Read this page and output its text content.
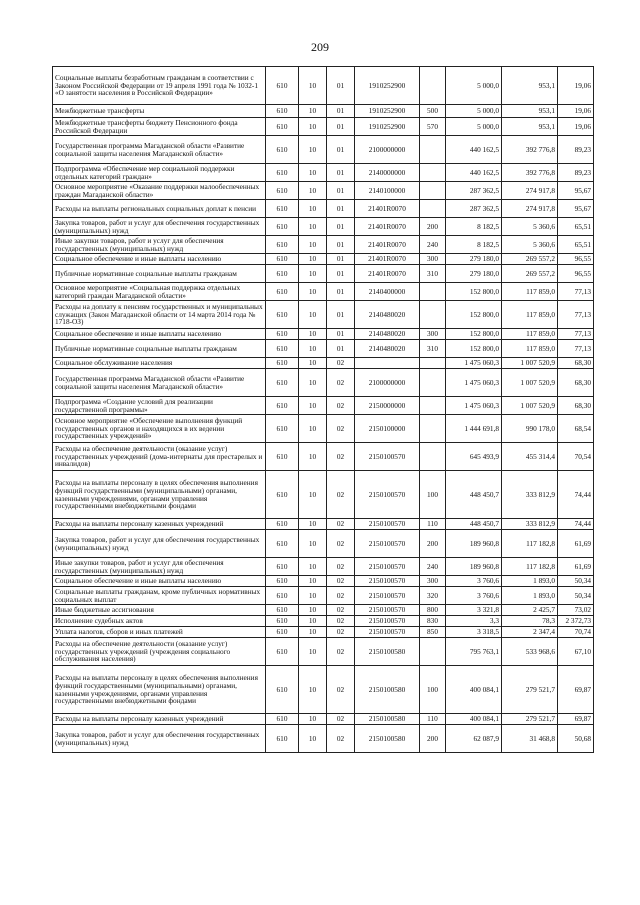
209
Социальные выплаты безработным гражданам в соответствии с Законом Российской Федерации от 19 апреля 1991 года № 1032-1 «О занятости населения в Российской Федерации»	610	10	01	1910252900		5 000,0	953,1	19,06
Межбюджетные трансферты	610	10	01	1910252900	500	5 000,0	953,1	19,06
Межбюджетные трансферты бюджету Пенсионного фонда Российской Федерации	610	10	01	1910252900	570	5 000,0	953,1	19,06
Государственная программа Магаданской области «Развитие социальной защиты населения Магаданской области»	610	10	01	2100000000		440 162,5	392 776,8	89,23
Подпрограмма «Обеспечение мер социальной поддержки отдельных категорий граждан»	610	10	01	2140000000		440 162,5	392 776,8	89,23
Основное мероприятие «Оказание поддержки малообеспеченных граждан Магаданской области»	610	10	01	2140100000		287 362,5	274 917,8	95,67
Расходы на выплаты региональных социальных доплат к пенсии	610	10	01	21401R0070		287 362,5	274 917,8	95,67
Закупка товаров, работ и услуг для обеспечения государственных (муниципальных) нужд	610	10	01	21401R0070	200	8 182,5	5 360,6	65,51
Иные закупки товаров, работ и услуг для обеспечения государственных (муниципальных) нужд	610	10	01	21401R0070	240	8 182,5	5 360,6	65,51
Социальное обеспечение и иные выплаты населению	610	10	01	21401R0070	300	279 180,0	269 557,2	96,55
Публичные нормативные социальные выплаты гражданам	610	10	01	21401R0070	310	279 180,0	269 557,2	96,55
Основное мероприятие «Социальная поддержка отдельных категорий граждан Магаданской области»	610	10	01	2140400000		152 800,0	117 859,0	77,13
Расходы на доплату к пенсиям государственных и муниципальных служащих (Закон Магаданской области от 14 марта 2014 года № 1718-ОЗ)	610	10	01	2140480020		152 800,0	117 859,0	77,13
Социальное обеспечение и иные выплаты населению	610	10	01	2140480020	300	152 800,0	117 859,0	77,13
Публичные нормативные социальные выплаты гражданам	610	10	01	2140480020	310	152 800,0	117 859,0	77,13
Социальное обслуживание населения	610	10	02			1 475 060,3	1 007 520,9	68,30
Государственная программа Магаданской области «Развитие социальной защиты населения Магаданской области»	610	10	02	2100000000		1 475 060,3	1 007 520,9	68,30
Подпрограмма «Создание условий для реализации государственной программы»	610	10	02	2150000000		1 475 060,3	1 007 520,9	68,30
Основное мероприятие «Обеспечение выполнения функций государственных органов и находящихся в их ведении государственных учреждений»	610	10	02	2150100000		1 444 691,8	990 178,0	68,54
Расходы на обеспечение деятельности (оказание услуг) государственных учреждений (дома-интернаты для престарелых и инвалидов)	610	10	02	2150100570		645 493,9	455 314,4	70,54
Расходы на выплаты персоналу в целях обеспечения выполнения функций государственными (муниципальными) органами, казенными учреждениями, органами управления государственными внебюджетными фондами	610	10	02	2150100570	100	448 450,7	333 812,9	74,44
Расходы на выплаты персоналу казенных учреждений	610	10	02	2150100570	110	448 450,7	333 812,9	74,44
Закупка товаров, работ и услуг для обеспечения государственных (муниципальных) нужд	610	10	02	2150100570	200	189 960,8	117 182,8	61,69
Иные закупки товаров, работ и услуг для обеспечения государственных (муниципальных) нужд	610	10	02	2150100570	240	189 960,8	117 182,8	61,69
Социальное обеспечение и иные выплаты населению	610	10	02	2150100570	300	3 760,6	1 893,0	50,34
Социальные выплаты гражданам, кроме публичных нормативных социальных выплат	610	10	02	2150100570	320	3 760,6	1 893,0	50,34
Иные бюджетные ассигнования	610	10	02	2150100570	800	3 321,8	2 425,7	73,02
Исполнение судебных актов	610	10	02	2150100570	830	3,3	78,3	2 372,73
Уплата налогов, сборов и иных платежей	610	10	02	2150100570	850	3 318,5	2 347,4	70,74
Расходы на обеспечение деятельности (оказание услуг) государственных учреждений (учреждения социального обслуживания населения)	610	10	02	2150100580		795 763,1	533 968,6	67,10
Расходы на выплаты персоналу в целях обеспечения выполнения функций государственными (муниципальными) органами, казенными учреждениями, органами управления государственными внебюджетными фондами	610	10	02	2150100580	100	400 084,1	279 521,7	69,87
Расходы на выплаты персоналу казенных учреждений	610	10	02	2150100580	110	400 084,1	279 521,7	69,87
Закупка товаров, работ и услуг для обеспечения государственных (муниципальных) нужд	610	10	02	2150100580	200	62 087,9	31 468,8	50,68
